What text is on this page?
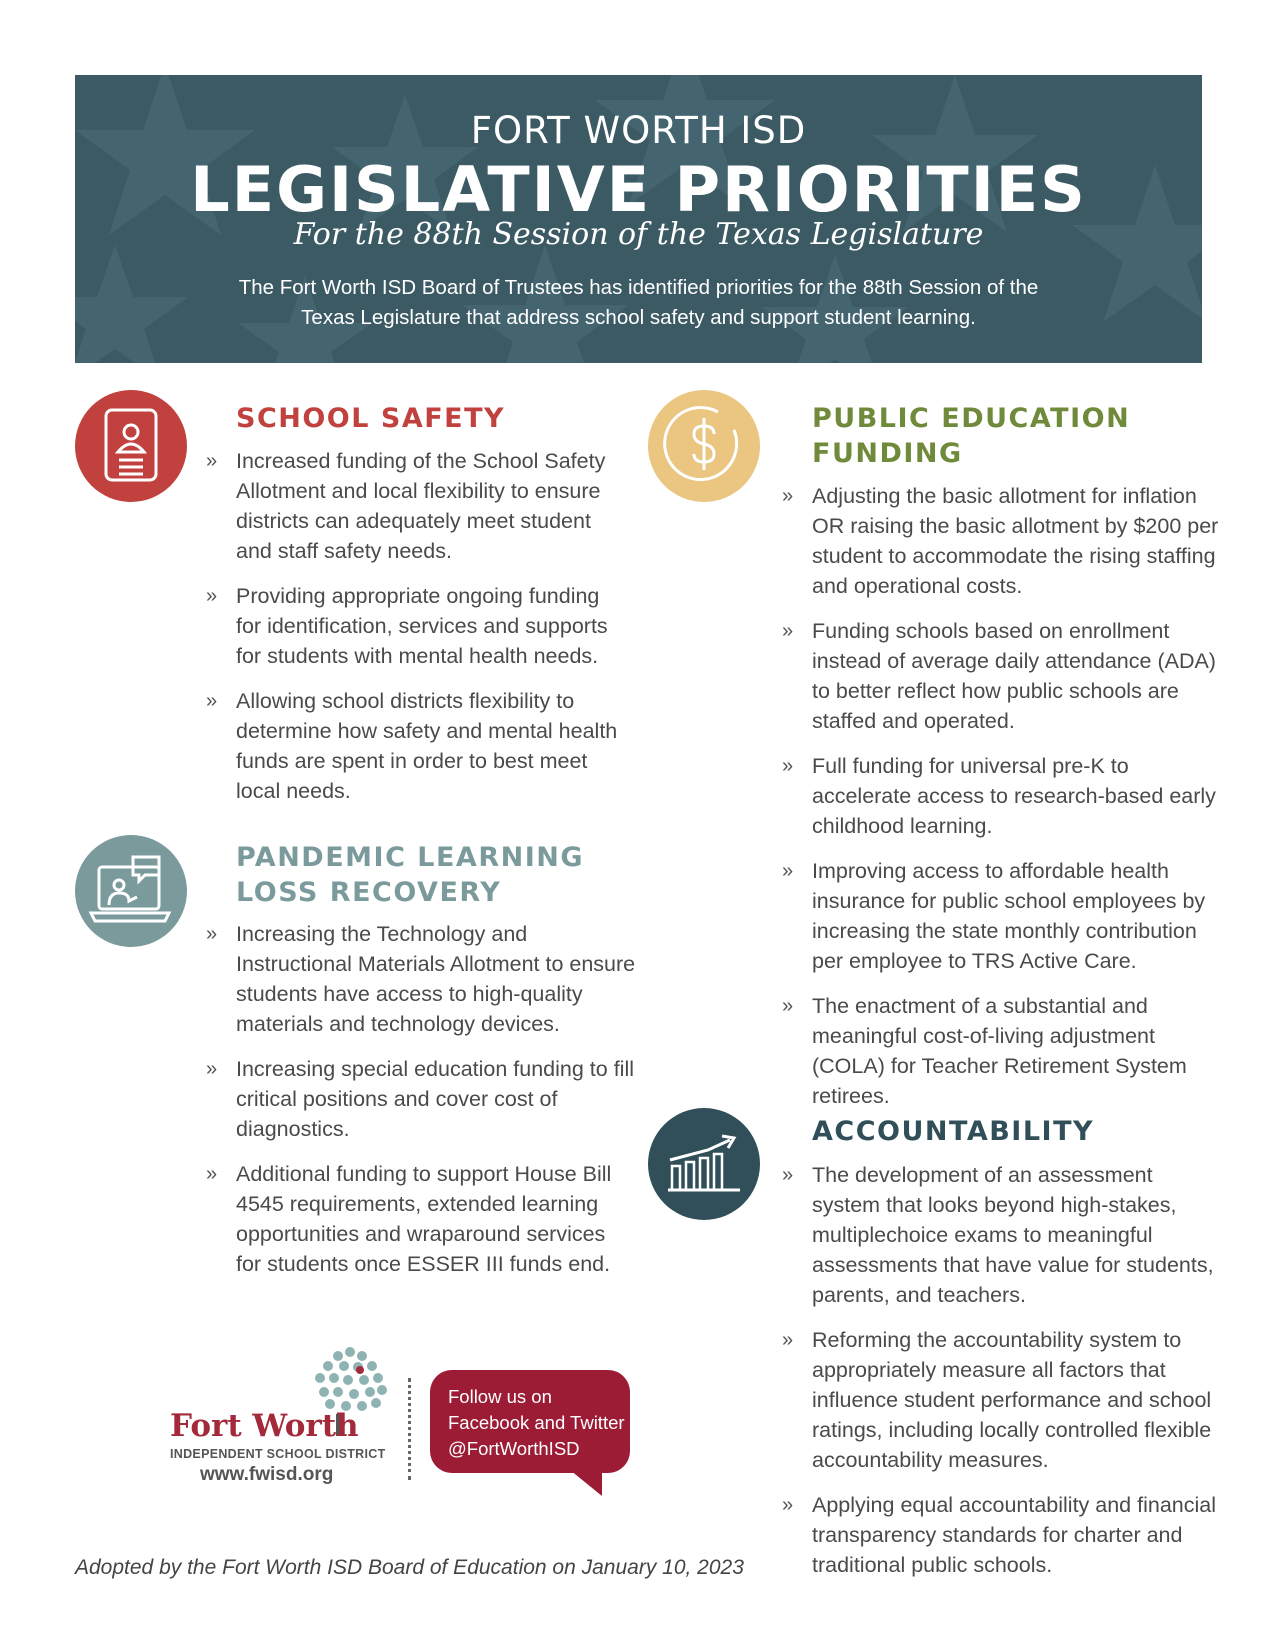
FORT WORTH ISD
LEGISLATIVE PRIORITIES
For the 88th Session of the Texas Legislature
The Fort Worth ISD Board of Trustees has identified priorities for the 88th Session of the
Texas Legislature that address school safety and support student learning.
SCHOOL SAFETY
» Increased funding of the School Safety Allotment and local flexibility to ensure districts can adequately meet student and staff safety needs.
» Providing appropriate ongoing funding for identification, services and supports for students with mental health needs.
» Allowing school districts flexibility to determine how safety and mental health funds are spent in order to best meet local needs.
PANDEMIC LEARNING
LOSS RECOVERY
» Increasing the Technology and Instructional Materials Allotment to ensure students have access to high-quality materials and technology devices.
» Increasing special education funding to fill critical positions and cover cost of diagnostics.
» Additional funding to support House Bill 4545 requirements, extended learning opportunities and wraparound services for students once ESSER III funds end.
PUBLIC EDUCATION
FUNDING
» Adjusting the basic allotment for inflation OR raising the basic allotment by $200 per student to accommodate the rising staffing and operational costs.
» Funding schools based on enrollment instead of average daily attendance (ADA) to better reflect how public schools are staffed and operated.
» Full funding for universal pre-K to accelerate access to research-based early childhood learning.
» Improving access to affordable health insurance for public school employees by increasing the state monthly contribution per employee to TRS Active Care.
» The enactment of a substantial and meaningful cost-of-living adjustment (COLA) for Teacher Retirement System retirees.
ACCOUNTABILITY
» The development of an assessment system that looks beyond high-stakes, multiplechoice exams to meaningful assessments that have value for students, parents, and teachers.
» Reforming the accountability system to appropriately measure all factors that influence student performance and school ratings, including locally controlled flexible accountability measures.
» Applying equal accountability and financial transparency standards for charter and traditional public schools.
Fort Worth
INDEPENDENT SCHOOL DISTRICT
www.fwisd.org
Follow us on
Facebook and Twitter
@FortWorthISD
Adopted by the Fort Worth ISD Board of Education on January 10, 2023
